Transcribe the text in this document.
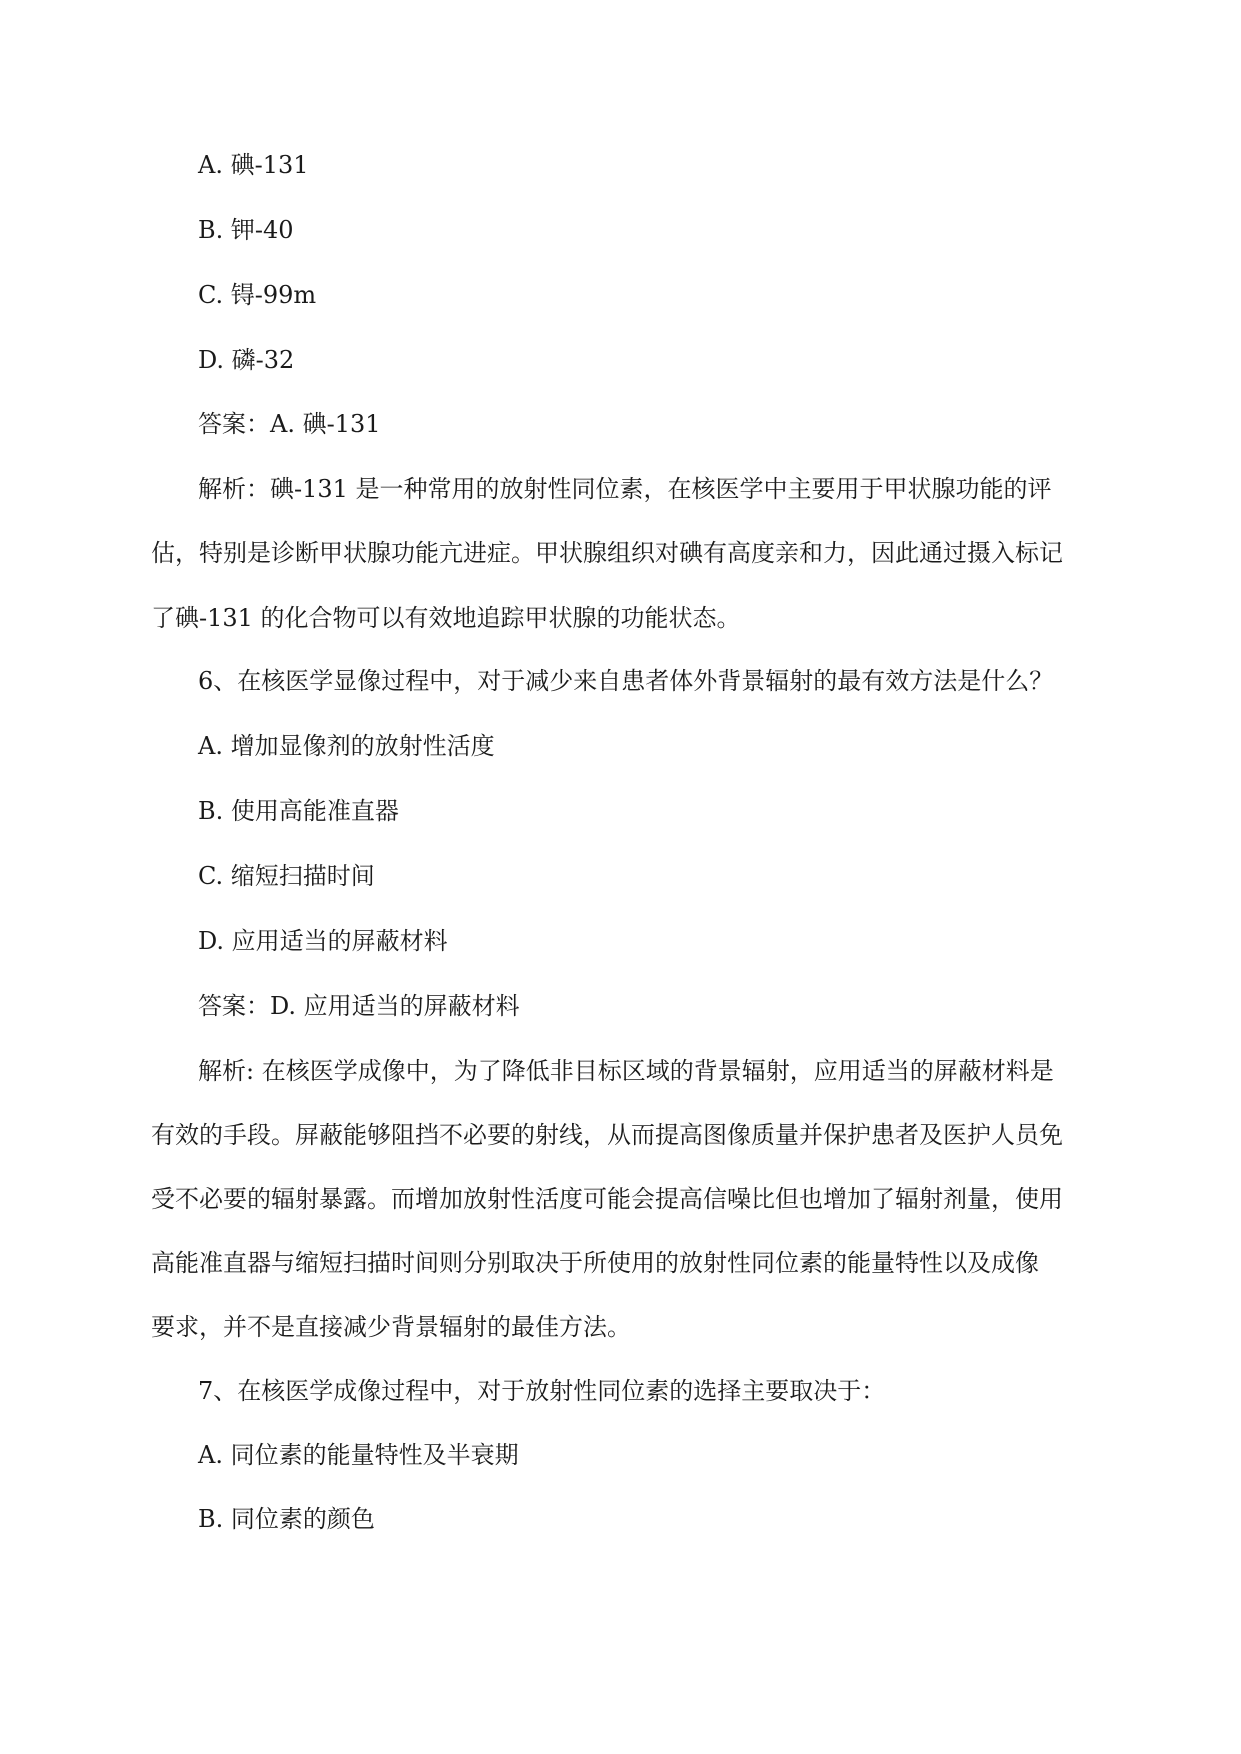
A. 碘-131
B. 钾-40
C. 锝-99m
D. 磷-32
答案：A. 碘-131
解析：碘-131 是一种常用的放射性同位素，在核医学中主要用于甲状腺功能的评
估，特别是诊断甲状腺功能亢进症。甲状腺组织对碘有高度亲和力，因此通过摄入标记
了碘-131 的化合物可以有效地追踪甲状腺的功能状态。
6、在核医学显像过程中，对于减少来自患者体外背景辐射的最有效方法是什么？
A. 增加显像剂的放射性活度
B. 使用高能准直器
C. 缩短扫描时间
D. 应用适当的屏蔽材料
答案：D. 应用适当的屏蔽材料
解析: 在核医学成像中，为了降低非目标区域的背景辐射，应用适当的屏蔽材料是
有效的手段。屏蔽能够阻挡不必要的射线，从而提高图像质量并保护患者及医护人员免
受不必要的辐射暴露。而增加放射性活度可能会提高信噪比但也增加了辐射剂量，使用
高能准直器与缩短扫描时间则分别取决于所使用的放射性同位素的能量特性以及成像
要求，并不是直接减少背景辐射的最佳方法。
7、在核医学成像过程中，对于放射性同位素的选择主要取决于：
A. 同位素的能量特性及半衰期
B. 同位素的颜色
